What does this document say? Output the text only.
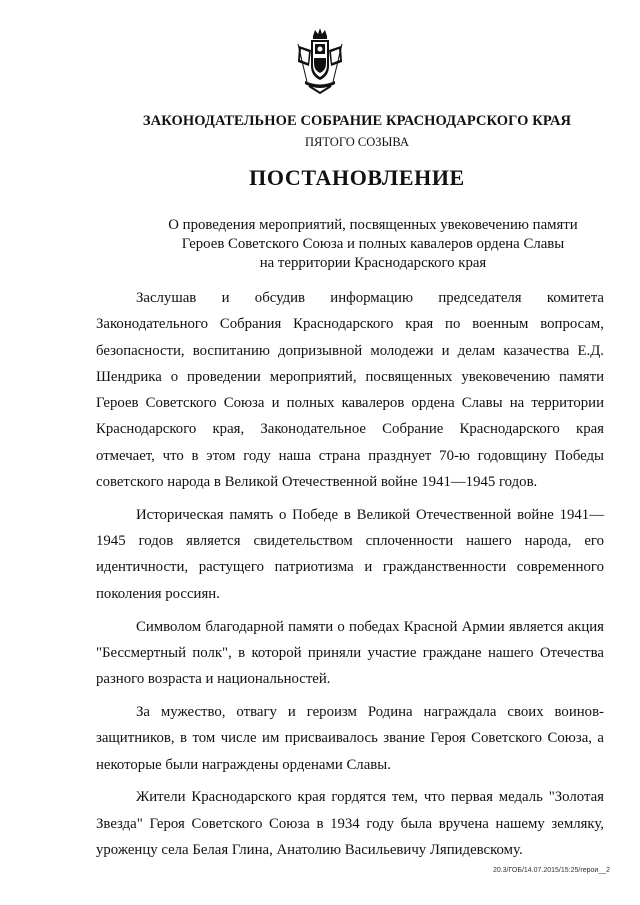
ЗАКОНОДАТЕЛЬНОЕ СОБРАНИЕ КРАСНОДАРСКОГО КРАЯ
ПЯТОГО СОЗЫВА
ПОСТАНОВЛЕНИЕ
О проведения мероприятий, посвященных увековечению памяти
Героев Советского Союза и полных кавалеров ордена Славы
на территории Краснодарского края

Заслушав и обсудив информацию председателя комитета Законодательного Собрания Краснодарского края по военным вопросам, безопасности, воспитанию допризывной молодежи и делам казачества Е.Д. Шендрика о проведении мероприятий, посвященных увековечению памяти Героев Советского Союза и полных кавалеров ордена Славы на территории Краснодарского края, Законодательное Собрание Краснодарского края отмечает, что в этом году наша страна празднует 70-ю годовщину Победы советского народа в Великой Отечественной войне 1941—1945 годов.

Историческая память о Победе в Великой Отечественной войне 1941—1945 годов является свидетельством сплоченности нашего народа, его идентичности, растущего патриотизма и гражданственности современного поколения россиян.

Символом благодарной памяти о победах Красной Армии является акция "Бессмертный полк", в которой приняли участие граждане нашего Отечества разного возраста и национальностей.

За мужество, отвагу и героизм Родина награждала своих воинов-защитников, в том числе им присваивалось звание Героя Советского Союза, а некоторые были награждены орденами Славы.

Жители Краснодарского края гордятся тем, что первая медаль "Золотая Звезда" Героя Советского Союза в 1934 году была вручена нашему земляку, уроженцу села Белая Глина, Анатолию Васильевичу Ляпидевскому.

20.3/ГОБ/14.07.2015/15:25/герои__2
